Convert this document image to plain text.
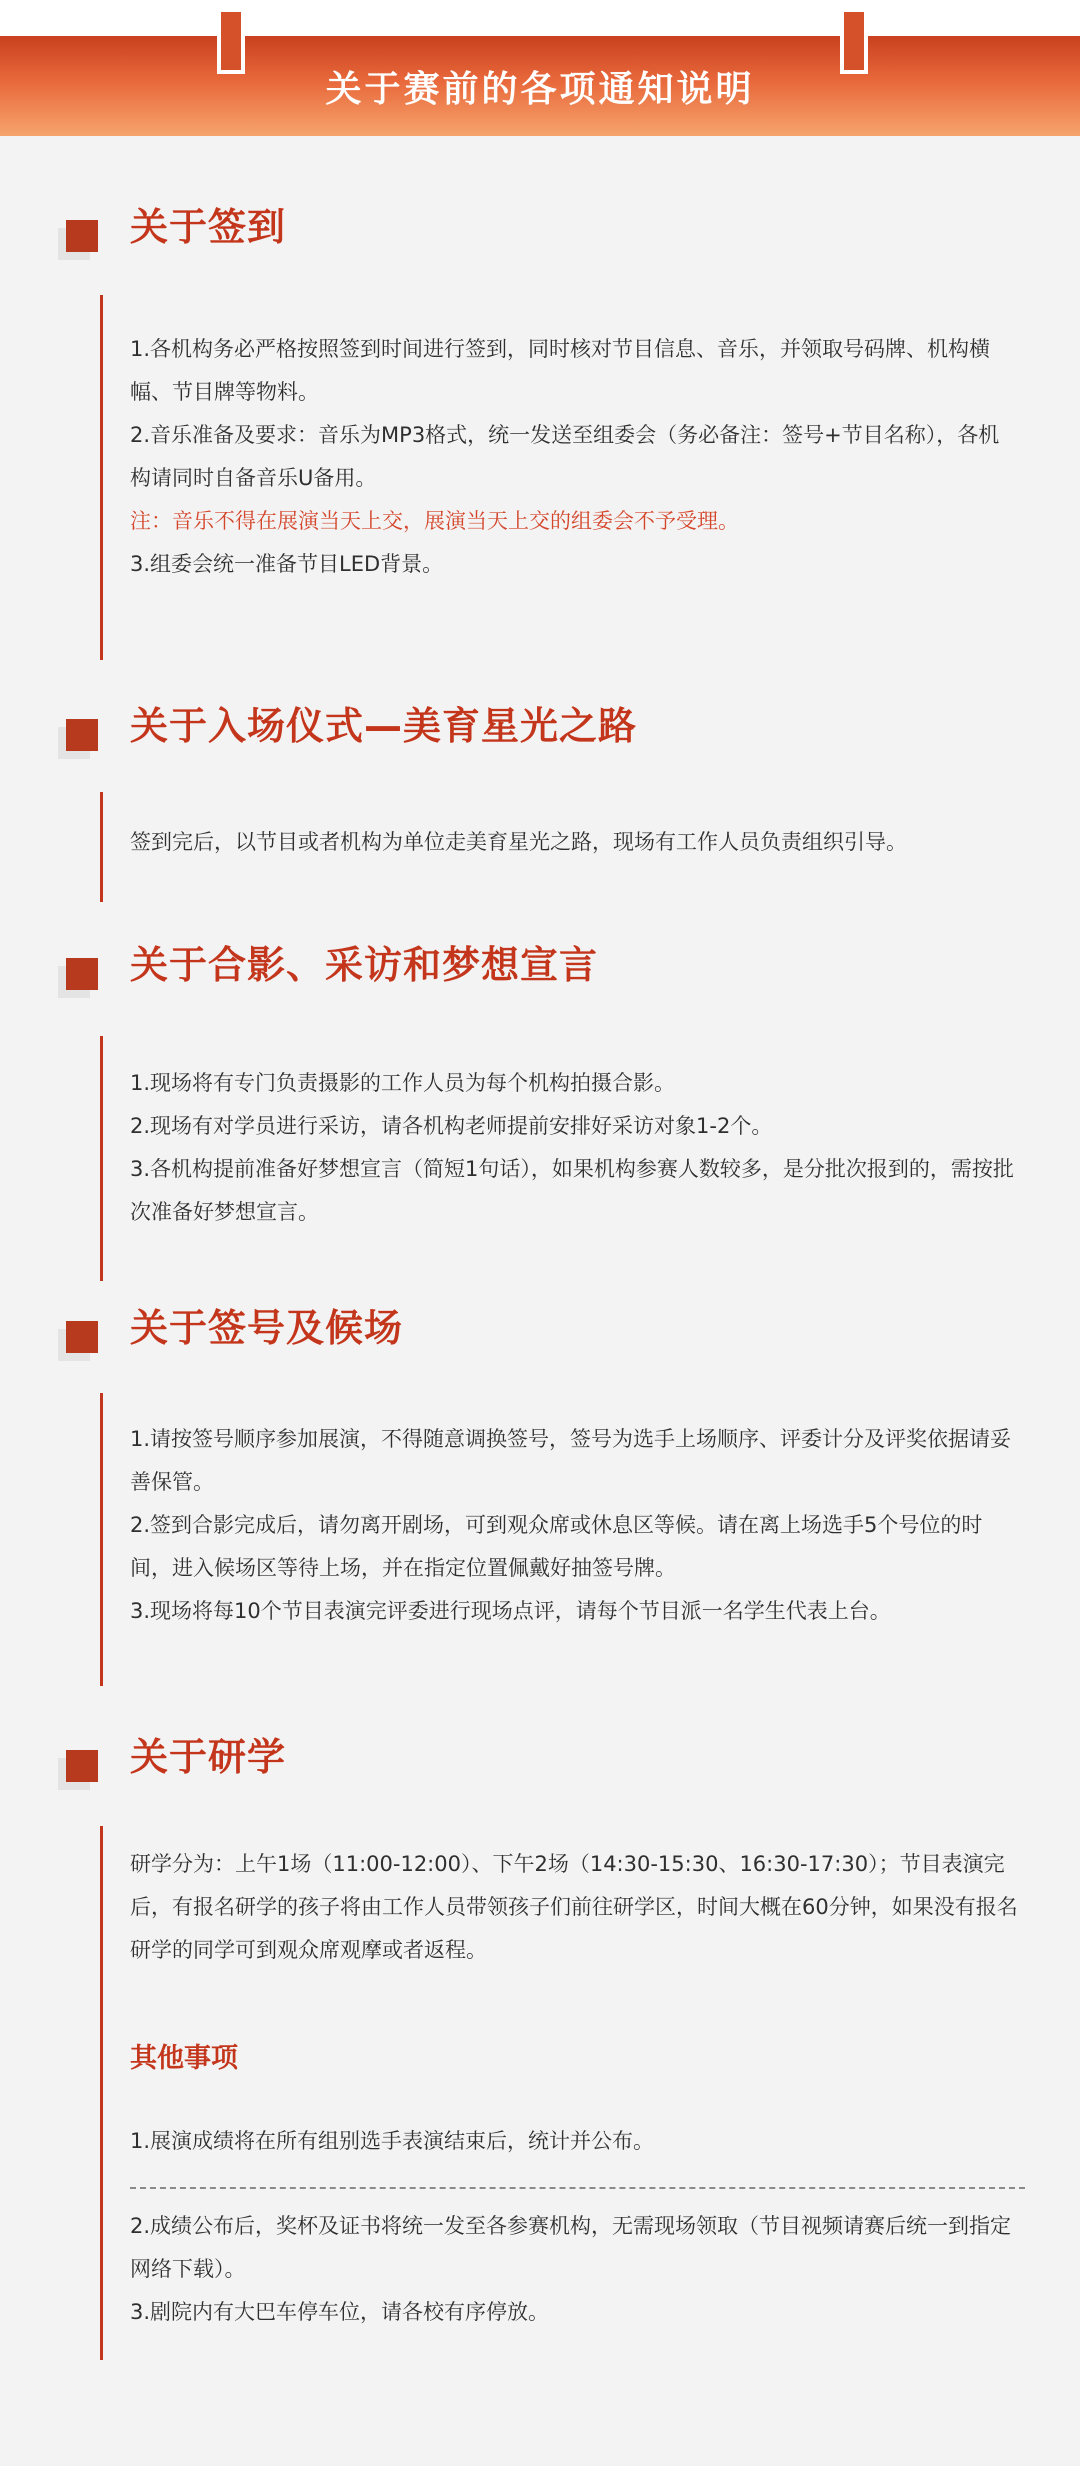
关于赛前的各项通知说明
关于签到

1.各机构务必严格按照签到时间进行签到，同时核对节目信息、音乐，并领取号码牌、机构横幅、节目牌等物料。

2.音乐准备及要求：音乐为MP3格式，统一发送至组委会（务必备注：签号+节目名称），各机构请同时自备音乐U备用。

注：音乐不得在展演当天上交，展演当天上交的组委会不予受理。

3.组委会统一准备节目LED背景。

关于入场仪式—美育星光之路

签到完后，以节目或者机构为单位走美育星光之路，现场有工作人员负责组织引导。

关于合影、采访和梦想宣言

1.现场将有专门负责摄影的工作人员为每个机构拍摄合影。

2.现场有对学员进行采访，请各机构老师提前安排好采访对象1-2个。

3.各机构提前准备好梦想宣言（简短1句话），如果机构参赛人数较多，是分批次报到的，需按批次准备好梦想宣言。

关于签号及候场

1.请按签号顺序参加展演，不得随意调换签号，签号为选手上场顺序、评委计分及评奖依据请妥善保管。

2.签到合影完成后，请勿离开剧场，可到观众席或休息区等候。请在离上场选手5个号位的时间，进入候场区等待上场，并在指定位置佩戴好抽签号牌。

3.现场将每10个节目表演完评委进行现场点评，请每个节目派一名学生代表上台。

关于研学

研学分为：上午1场（11:00-12:00）、下午2场（14:30-15:30、16:30-17:30）；节目表演完后，有报名研学的孩子将由工作人员带领孩子们前往研学区，时间大概在60分钟，如果没有报名研学的同学可到观众席观摩或者返程。

其他事项

1.展演成绩将在所有组别选手表演结束后，统计并公布。

2.成绩公布后，奖杯及证书将统一发至各参赛机构，无需现场领取（节目视频请赛后统一到指定网络下载）。

3.剧院内有大巴车停车位，请各校有序停放。
